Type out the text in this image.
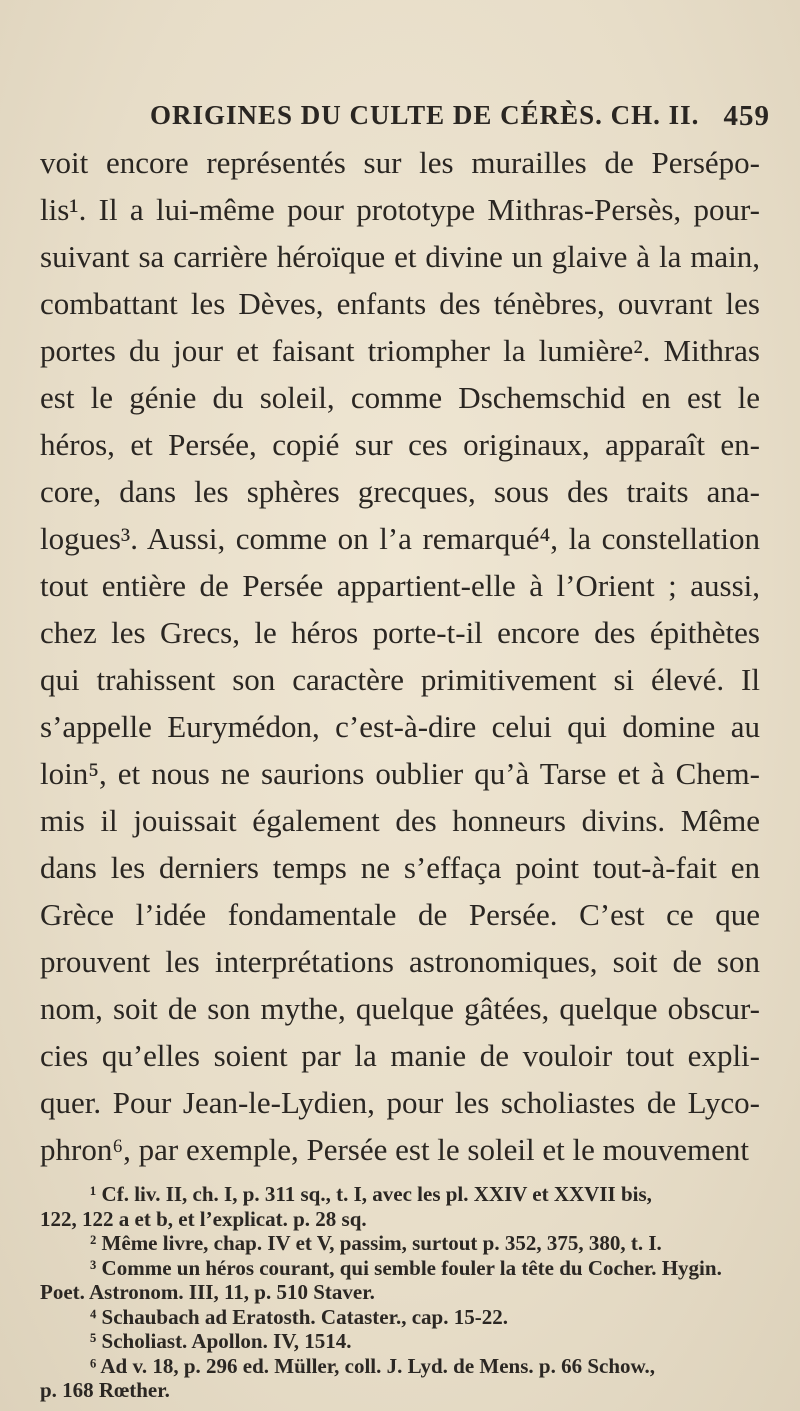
ORIGINES DU CULTE DE CÉRÈS. CH. II. 459
voit encore représentés sur les murailles de Persépo-
lis¹. Il a lui-même pour prototype Mithras-Persès, pour-
suivant sa carrière héroïque et divine un glaive à la main,
combattant les Dèves, enfants des ténèbres, ouvrant les
portes du jour et faisant triompher la lumière². Mithras
est le génie du soleil, comme Dschemschid en est le
héros, et Persée, copié sur ces originaux, apparaît en-
core, dans les sphères grecques, sous des traits ana-
logues³. Aussi, comme on l’a remarqué⁴, la constellation
tout entière de Persée appartient-elle à l’Orient ; aussi,
chez les Grecs, le héros porte-t-il encore des épithètes
qui trahissent son caractère primitivement si élevé. Il
s’appelle Eurymédon, c’est-à-dire celui qui domine au
loin⁵, et nous ne saurions oublier qu’à Tarse et à Chem-
mis il jouissait également des honneurs divins. Même
dans les derniers temps ne s’effaça point tout-à-fait en
Grèce l’idée fondamentale de Persée. C’est ce que
prouvent les interprétations astronomiques, soit de son
nom, soit de son mythe, quelque gâtées, quelque obscur-
cies qu’elles soient par la manie de vouloir tout expli-
quer. Pour Jean-le-Lydien, pour les scholiastes de Lyco-
phron⁶, par exemple, Persée est le soleil et le mouvement
¹ Cf. liv. II, ch. I, p. 311 sq., t. I, avec les pl. XXIV et XXVII bis,
122, 122 a et b, et l’explicat. p. 28 sq.
² Même livre, chap. IV et V, passim, surtout p. 352, 375, 380, t. I.
³ Comme un héros courant, qui semble fouler la tête du Cocher. Hygin.
Poet. Astronom. III, 11, p. 510 Staver.
⁴ Schaubach ad Eratosth. Cataster., cap. 15-22.
⁵ Scholiast. Apollon. IV, 1514.
⁶ Ad v. 18, p. 296 ed. Müller, coll. J. Lyd. de Mens. p. 66 Schow.,
p. 168 Rœther.
